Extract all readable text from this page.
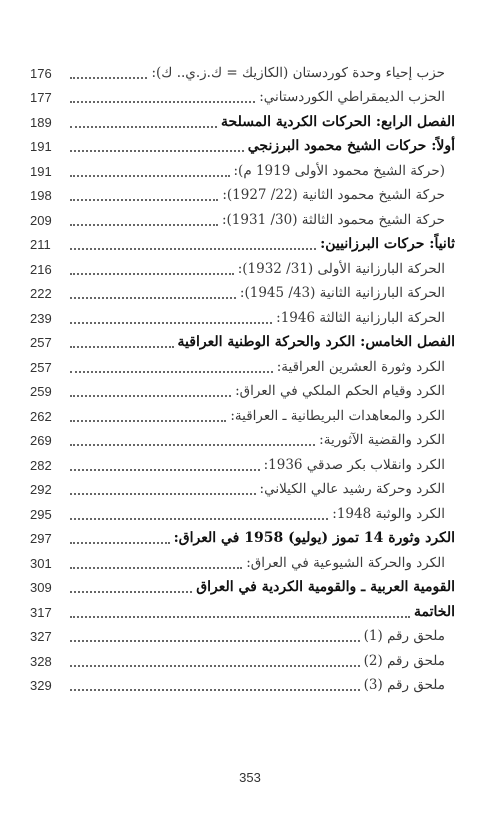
176	حزب إحياء وحدة كوردستان (الكازيك = ك.ز.ي.. ك):
177	الحزب الديمقراطي الكوردستاني:
189	الفصل الرابع: الحركات الكردية المسلحة
191	أولاً: حركات الشيخ محمود البرزنجي
191	(حركة الشيخ محمود الأولى 1919 م):
198	حركة الشيخ محمود الثانية (22/ 1927):
209	حركة الشيخ محمود الثالثة (30/ 1931):
211	ثانياً: حركات البرزانيين:
216	الحركة البارزانية الأولى (31/ 1932):
222	الحركة البارزانية الثانية (43/ 1945):
239	الحركة البارزانية الثالثة 1946:
257	الفصل الخامس: الكرد والحركة الوطنية العراقية
257	الكرد وثورة العشرين العراقية:
259	الكرد وقيام الحكم الملكي في العراق:
262	الكرد والمعاهدات البريطانية ـ العراقية:
269	الكرد والقضية الآثورية:
282	الكرد وانقلاب بكر صدقي 1936:
292	الكرد وحركة رشيد عالي الكيلاني:
295	الكرد والوثبة 1948:
297	الكرد وثورة 14 تموز (يوليو) 1958 في العراق:
301	الكرد والحركة الشيوعية في العراق:
309	القومية العربية ـ والقومية الكردية في العراق
317	الخاتمة
327	ملحق رقم (1)
328	ملحق رقم (2)
329	ملحق رقم (3)
353
